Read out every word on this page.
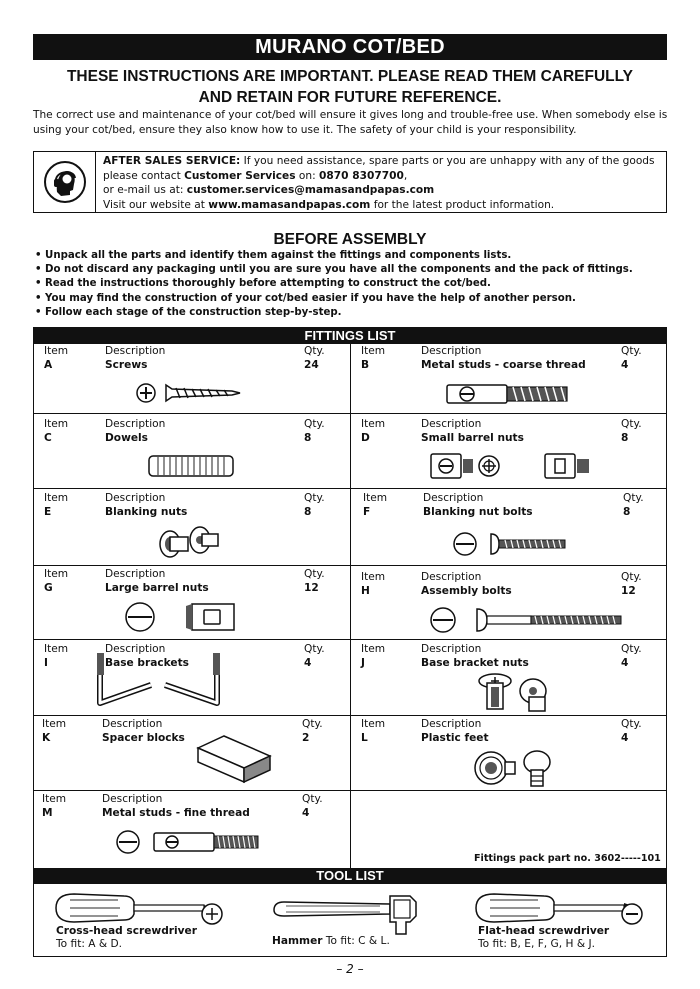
MURANO COT/BED
THESE INSTRUCTIONS ARE IMPORTANT. PLEASE READ THEM CAREFULLY
AND RETAIN FOR FUTURE REFERENCE.

The correct use and maintenance of your cot/bed will ensure it gives long and trouble-free use. When somebody else is using your cot/bed, ensure they also know how to use it. The safety of your child is your responsibility.

AFTER SALES SERVICE: If you need assistance, spare parts or you are unhappy with any of the goods please contact Customer Services on: 0870 8307700,
or e-mail us at: customer.services@mamasandpapas.com
Visit our website at www.mamasandpapas.com for the latest product information.
BEFORE ASSEMBLY
• Unpack all the parts and identify them against the fittings and components lists.
• Do not discard any packaging until you are sure you have all the components and the pack of fittings.
• Read the instructions thoroughly before attempting to construct the cot/bed.
• You may find the construction of your cot/bed easier if you have the help of another person.
• Follow each stage of the construction step-by-step.
FITTINGS LIST
Item	Description	Qty.
A	Screws	24
Item	Description	Qty.
B	Metal studs - coarse thread	4
Item	Description	Qty.
C	Dowels	8
Item	Description	Qty.
D	Small barrel nuts	8
Item	Description	Qty.
E	Blanking nuts	8
Item	Description	Qty.
F	Blanking nut bolts	8
Item	Description	Qty.
G	Large barrel nuts	12
Item	Description	Qty.
H	Assembly bolts	12
Item	Description	Qty.
I	Base brackets	4
Item	Description	Qty.
J	Base bracket nuts	4
Item	Description	Qty.
K	Spacer blocks	2
Item	Description	Qty.
L	Plastic feet	4
Item	Description	Qty.
M	Metal studs - fine thread	4
Fittings pack part no. 3602-----101
TOOL LIST
Cross-head screwdriver
To fit: A & D.	Hammer To fit: C & L.
Flat-head screwdriver
To fit: B, E, F, G, H & J.
– 2 –
